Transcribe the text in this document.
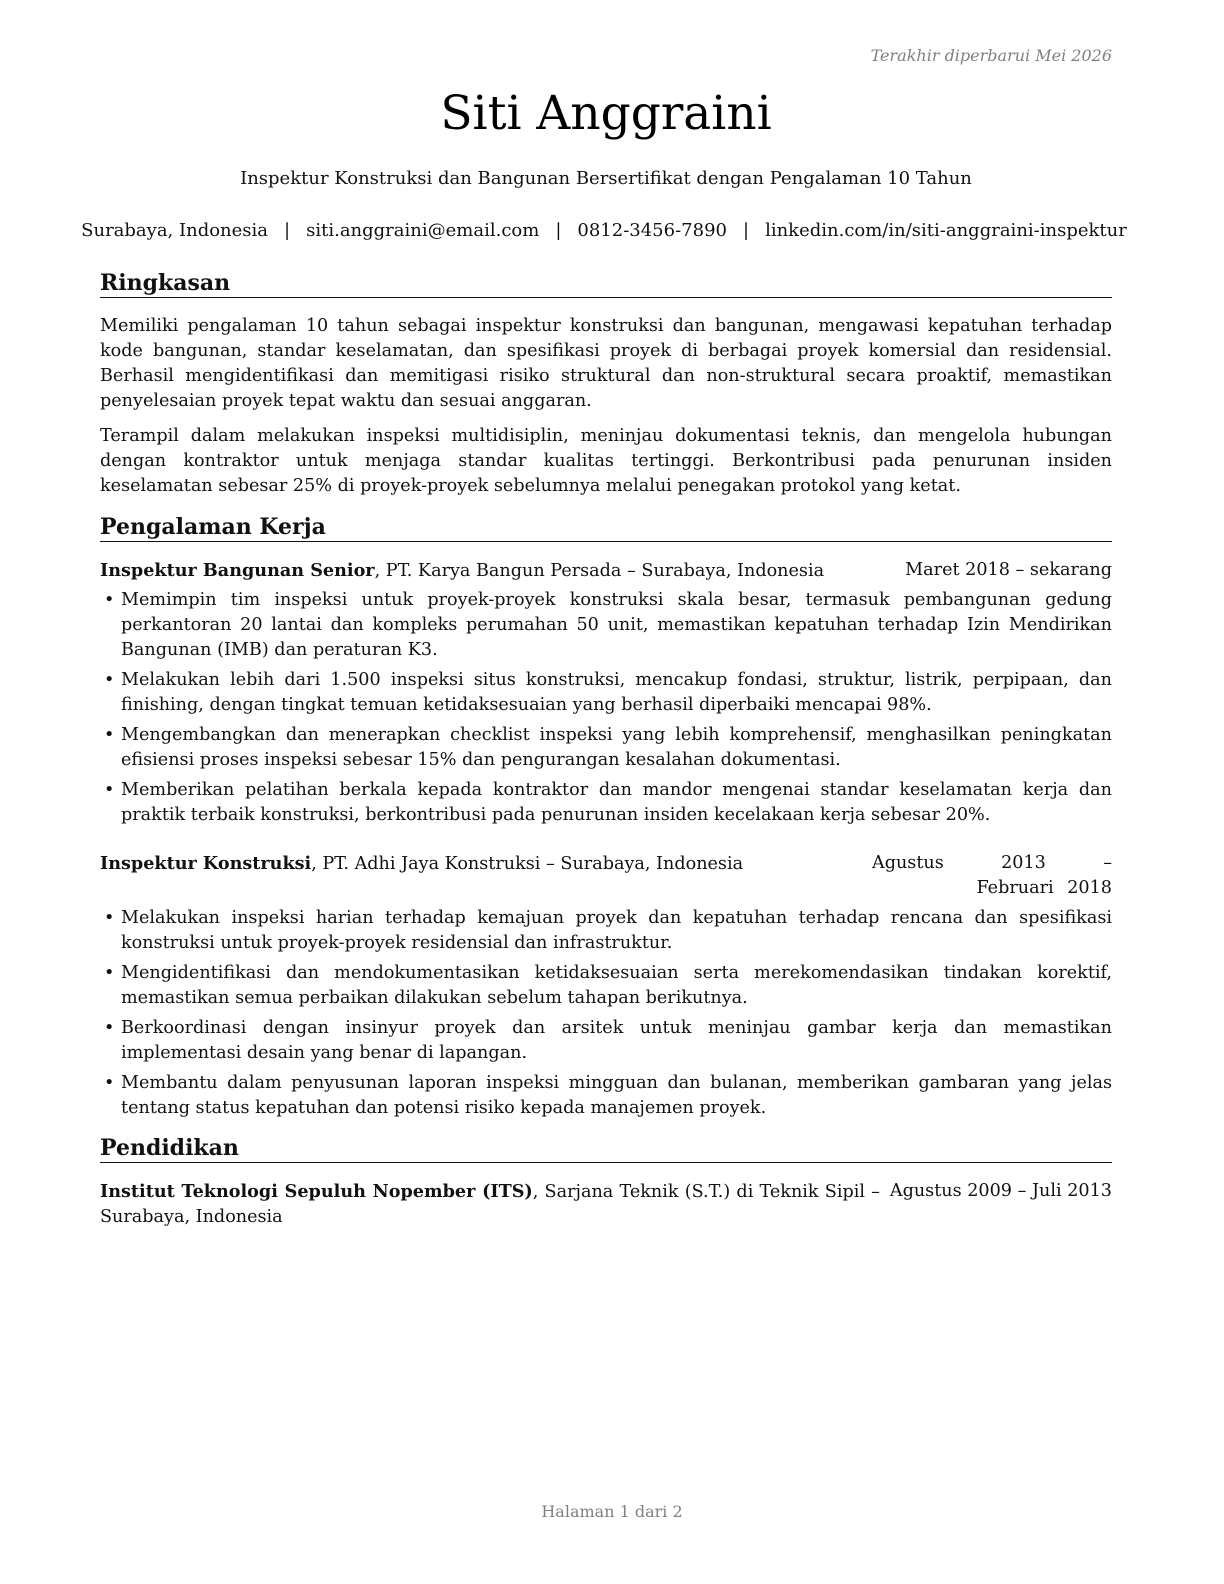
Terakhir diperbarui Mei 2026
Siti Anggraini
Inspektur Konstruksi dan Bangunan Bersertifikat dengan Pengalaman 10 Tahun
Surabaya, Indonesia | siti.anggraini@email.com | 0812-3456-7890 | linkedin.com/in/siti-anggraini-inspektur
Ringkasan

Memiliki pengalaman 10 tahun sebagai inspektur konstruksi dan bangunan, mengawasi kepatuhan terhadap kode bangunan, standar keselamatan, dan spesifikasi proyek di berbagai proyek komersial dan residensial. Berhasil mengidentifikasi dan memitigasi risiko struktural dan non-struktural secara proaktif, memastikan penyelesaian proyek tepat waktu dan sesuai anggaran.

Terampil dalam melakukan inspeksi multidisiplin, meninjau dokumentasi teknis, dan mengelola hubungan dengan kontraktor untuk menjaga standar kualitas tertinggi. Berkontribusi pada penurunan insiden keselamatan sebesar 25% di proyek-proyek sebelumnya melalui penegakan protokol yang ketat.

Pengalaman Kerja
Inspektur Bangunan Senior, PT. Karya Bangun Persada – Surabaya, Indonesia	Maret 2018 – sekarang
• Memimpin tim inspeksi untuk proyek-proyek konstruksi skala besar, termasuk pembangunan gedung perkantoran 20 lantai dan kompleks perumahan 50 unit, memastikan kepatuhan terhadap Izin Mendirikan Bangunan (IMB) dan peraturan K3.
• Melakukan lebih dari 1.500 inspeksi situs konstruksi, mencakup fondasi, struktur, listrik, perpipaan, dan finishing, dengan tingkat temuan ketidaksesuaian yang berhasil diperbaiki mencapai 98%.
• Mengembangkan dan menerapkan checklist inspeksi yang lebih komprehensif, menghasilkan peningkatan efisiensi proses inspeksi sebesar 15% dan pengurangan kesalahan dokumentasi.
• Memberikan pelatihan berkala kepada kontraktor dan mandor mengenai standar keselamatan kerja dan praktik terbaik konstruksi, berkontribusi pada penurunan insiden kecelakaan kerja sebesar 20%.
Inspektur Konstruksi, PT. Adhi Jaya Konstruksi – Surabaya, Indonesia	Agustus 2013 – Februari 2018
• Melakukan inspeksi harian terhadap kemajuan proyek dan kepatuhan terhadap rencana dan spesifikasi konstruksi untuk proyek-proyek residensial dan infrastruktur.
• Mengidentifikasi dan mendokumentasikan ketidaksesuaian serta merekomendasikan tindakan korektif, memastikan semua perbaikan dilakukan sebelum tahapan berikutnya.
• Berkoordinasi dengan insinyur proyek dan arsitek untuk meninjau gambar kerja dan memastikan implementasi desain yang benar di lapangan.
• Membantu dalam penyusunan laporan inspeksi mingguan dan bulanan, memberikan gambaran yang jelas tentang status kepatuhan dan potensi risiko kepada manajemen proyek.
Pendidikan
Institut Teknologi Sepuluh Nopember (ITS), Sarjana Teknik (S.T.) di Teknik Sipil – Surabaya, Indonesia
Agustus 2009 – Juli 2013
Halaman 1 dari 2
